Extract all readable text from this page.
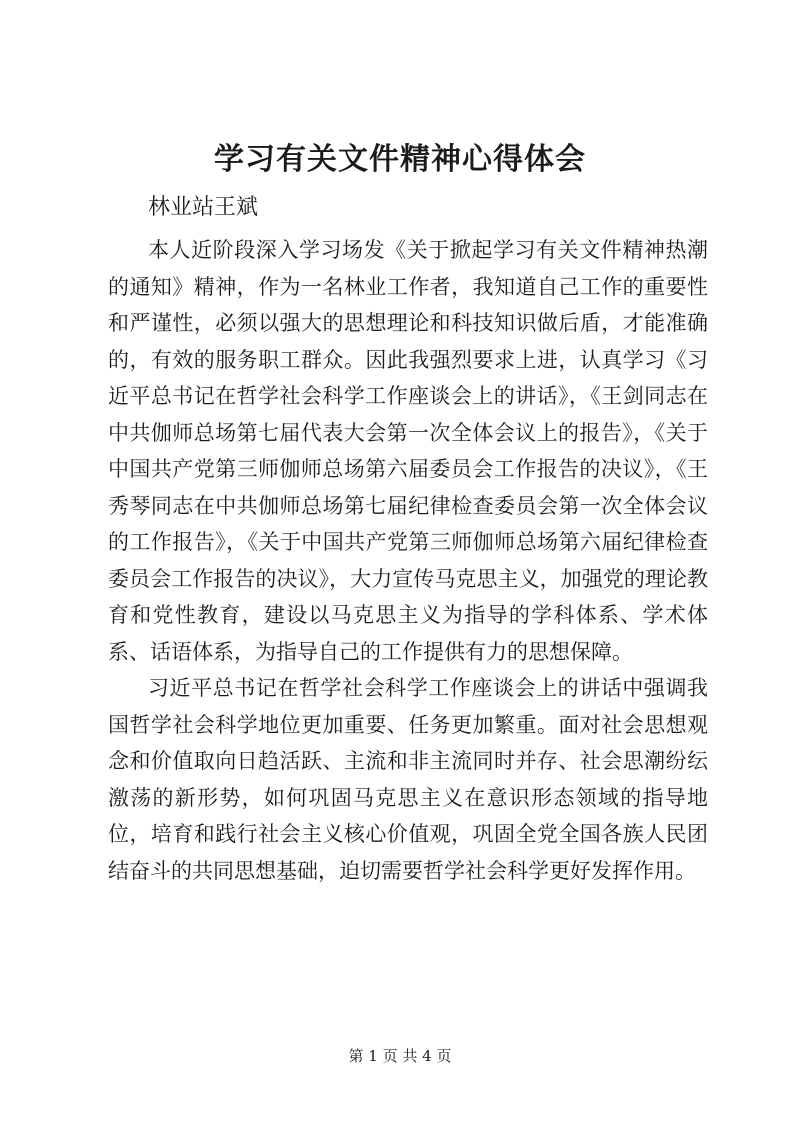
学习有关文件精神心得体会
林业站王斌

本人近阶段深入学习场发《关于掀起学习有关文件精神热潮的通知》精神，作为一名林业工作者，我知道自己工作的重要性和严谨性，必须以强大的思想理论和科技知识做后盾，才能准确的，有效的服务职工群众。因此我强烈要求上进，认真学习《习近平总书记在哲学社会科学工作座谈会上的讲话》，《王剑同志在中共伽师总场第七届代表大会第一次全体会议上的报告》，《关于中国共产党第三师伽师总场第六届委员会工作报告的决议》，《王秀琴同志在中共伽师总场第七届纪律检查委员会第一次全体会议的工作报告》，《关于中国共产党第三师伽师总场第六届纪律检查委员会工作报告的决议》，大力宣传马克思主义，加强党的理论教育和党性教育，建设以马克思主义为指导的学科体系、学术体系、话语体系，为指导自己的工作提供有力的思想保障。

习近平总书记在哲学社会科学工作座谈会上的讲话中强调我国哲学社会科学地位更加重要、任务更加繁重。面对社会思想观念和价值取向日趋活跃、主流和非主流同时并存、社会思潮纷纭激荡的新形势，如何巩固马克思主义在意识形态领域的指导地位，培育和践行社会主义核心价值观，巩固全党全国各族人民团结奋斗的共同思想基础，迫切需要哲学社会科学更好发挥作用。

第 1 页 共 4 页
